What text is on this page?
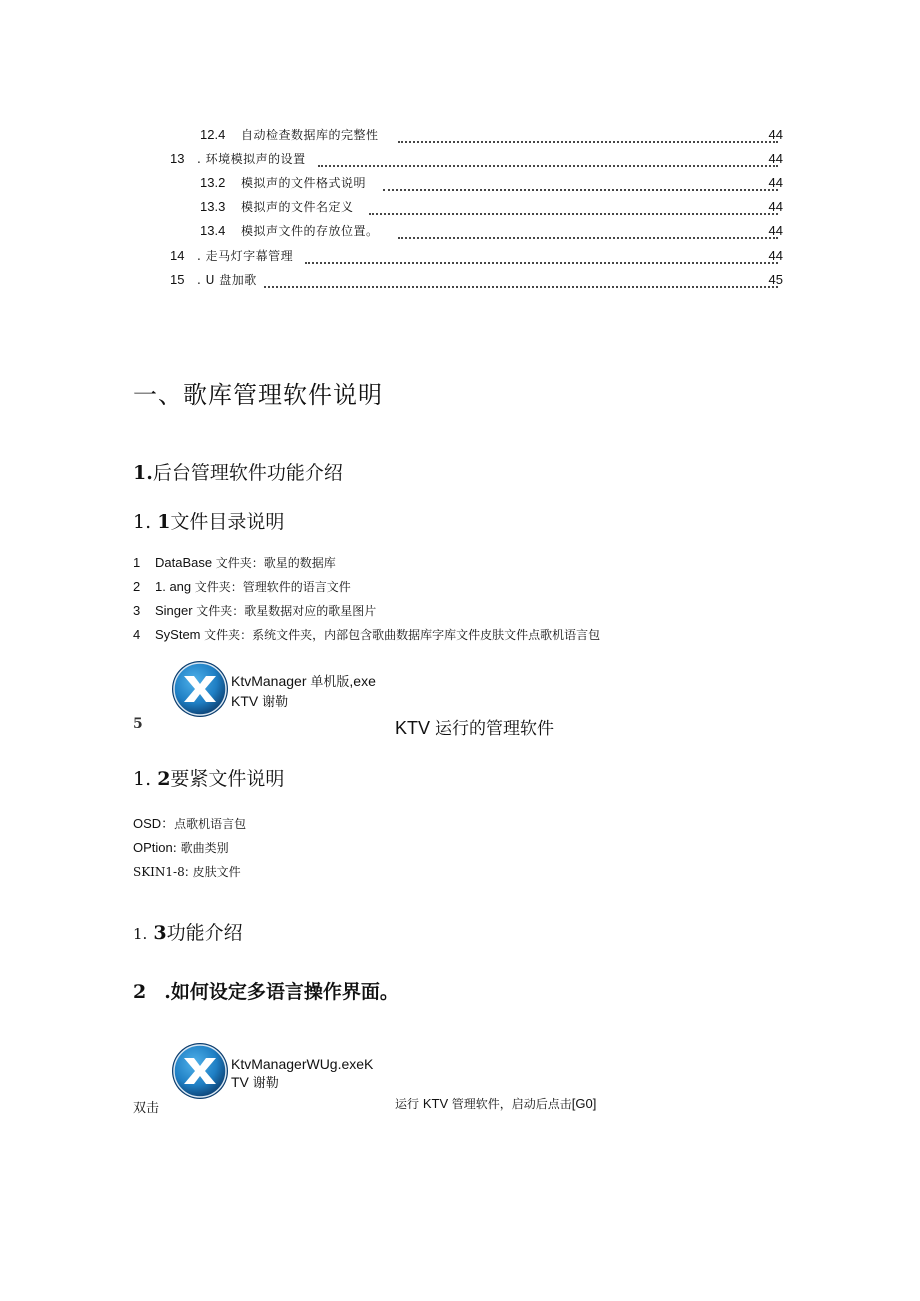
12.4 自动检查数据库的完整性	44
13 . 环境模拟声的设置	44
13.2 模拟声的文件格式说明	44
13.3 模拟声的文件名定义	44
13.4 模拟声文件的存放位置。	44
14 . 走马灯字幕管理	44
15 . U 盘加歌	45
一、歌库管理软件说明
1.后台管理软件功能介绍
1. 1文件目录说明
1 DataBase 文件夹：歌星的数据库
2 1. ang 文件夹：管理软件的语言文件
3 Singer 文件夹：歌星数据对应的歌星图片
4 SyStem 文件夹：系统文件夹，内部包含歌曲数据库字库文件皮肤文件点歌机语言包
KtvManager 单机版,exe
KTV 谢勒
5	KTV 运行的管理软件
1. 2要紧文件说明
OSD：点歌机语言包
OPtion: 歌曲类别
SKIN1-8: 皮肤文件
1. 3功能介绍
2 .如何设定多语言操作界面。
KtvManagerWUg.exeK
TV 谢勒
双击	运行 KTV 管理软件，启动后点击[G0]
